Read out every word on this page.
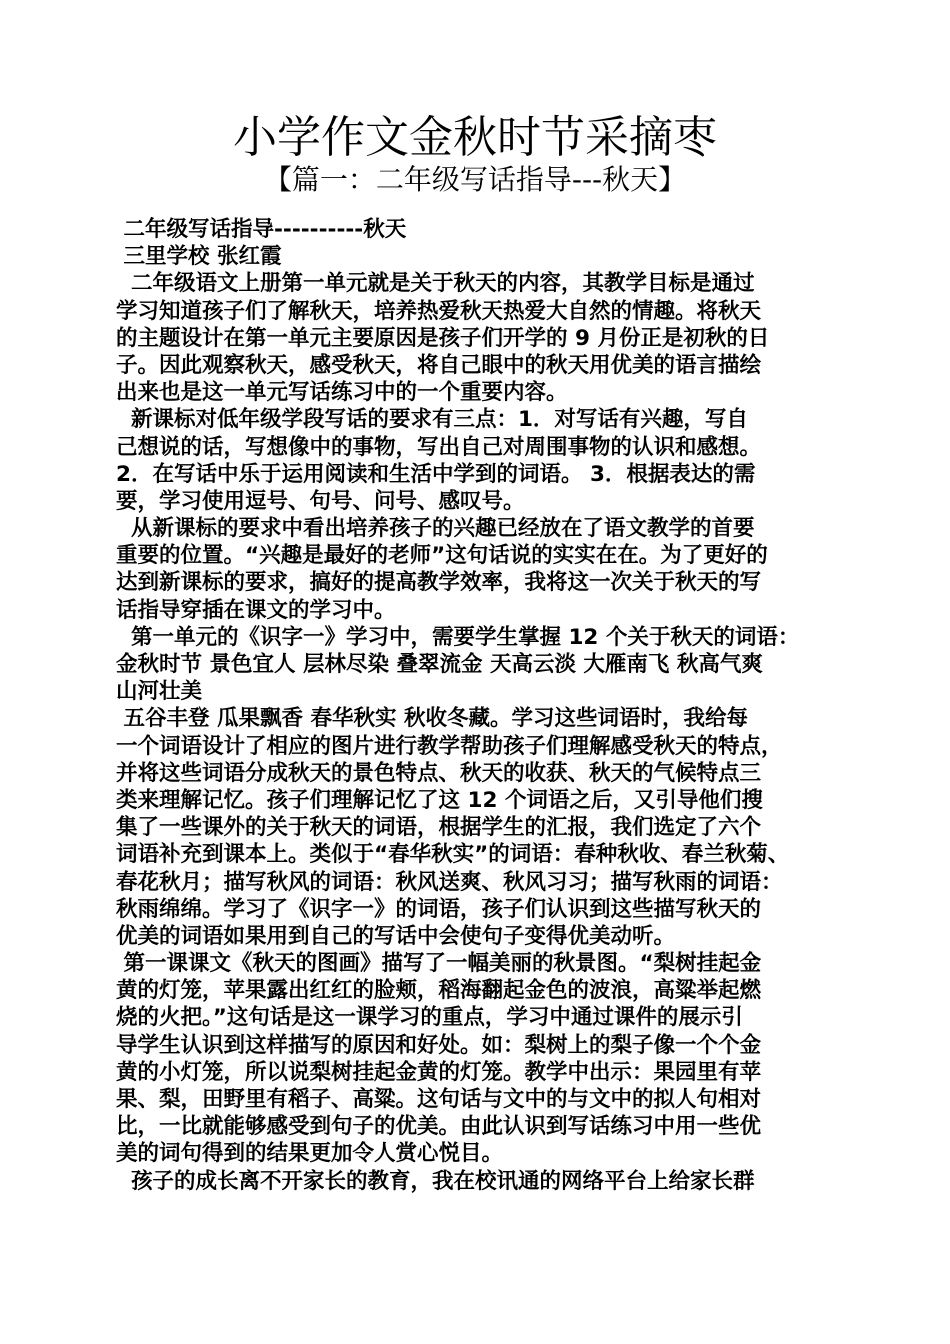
小学作文金秋时节采摘枣
【篇一：二年级写话指导---秋天】
二年级写话指导----------秋天
三里学校 张红霞
二年级语文上册第一单元就是关于秋天的内容，其教学目标是通过
学习知道孩子们了解秋天，培养热爱秋天热爱大自然的情趣。将秋天
的主题设计在第一单元主要原因是孩子们开学的 9 月份正是初秋的日
子。因此观察秋天，感受秋天，将自己眼中的秋天用优美的语言描绘
出来也是这一单元写话练习中的一个重要内容。
新课标对低年级学段写话的要求有三点：1．对写话有兴趣，写自
己想说的话，写想像中的事物，写出自己对周围事物的认识和感想。
2．在写话中乐于运用阅读和生活中学到的词语。 3．根据表达的需
要，学习使用逗号、句号、问号、感叹号。
从新课标的要求中看出培养孩子的兴趣已经放在了语文教学的首要
重要的位置。“兴趣是最好的老师”这句话说的实实在在。为了更好的
达到新课标的要求，搞好的提高教学效率，我将这一次关于秋天的写
话指导穿插在课文的学习中。
第一单元的《识字一》学习中，需要学生掌握 12 个关于秋天的词语：
金秋时节 景色宜人 层林尽染 叠翠流金 天高云淡 大雁南飞 秋高气爽
山河壮美
五谷丰登 瓜果飘香 春华秋实 秋收冬藏。学习这些词语时，我给每
一个词语设计了相应的图片进行教学帮助孩子们理解感受秋天的特点，
并将这些词语分成秋天的景色特点、秋天的收获、秋天的气候特点三
类来理解记忆。孩子们理解记忆了这 12 个词语之后，又引导他们搜
集了一些课外的关于秋天的词语，根据学生的汇报，我们选定了六个
词语补充到课本上。类似于“春华秋实”的词语：春种秋收、春兰秋菊、
春花秋月；描写秋风的词语：秋风送爽、秋风习习；描写秋雨的词语：
秋雨绵绵。学习了《识字一》的词语，孩子们认识到这些描写秋天的
优美的词语如果用到自己的写话中会使句子变得优美动听。
第一课课文《秋天的图画》描写了一幅美丽的秋景图。“梨树挂起金
黄的灯笼，苹果露出红红的脸颊，稻海翻起金色的波浪，高粱举起燃
烧的火把。”这句话是这一课学习的重点，学习中通过课件的展示引
导学生认识到这样描写的原因和好处。如：梨树上的梨子像一个个金
黄的小灯笼，所以说梨树挂起金黄的灯笼。教学中出示：果园里有苹
果、梨，田野里有稻子、高粱。这句话与文中的与文中的拟人句相对
比，一比就能够感受到句子的优美。由此认识到写话练习中用一些优
美的词句得到的结果更加令人赏心悦目。
孩子的成长离不开家长的教育，我在校讯通的网络平台上给家长群
